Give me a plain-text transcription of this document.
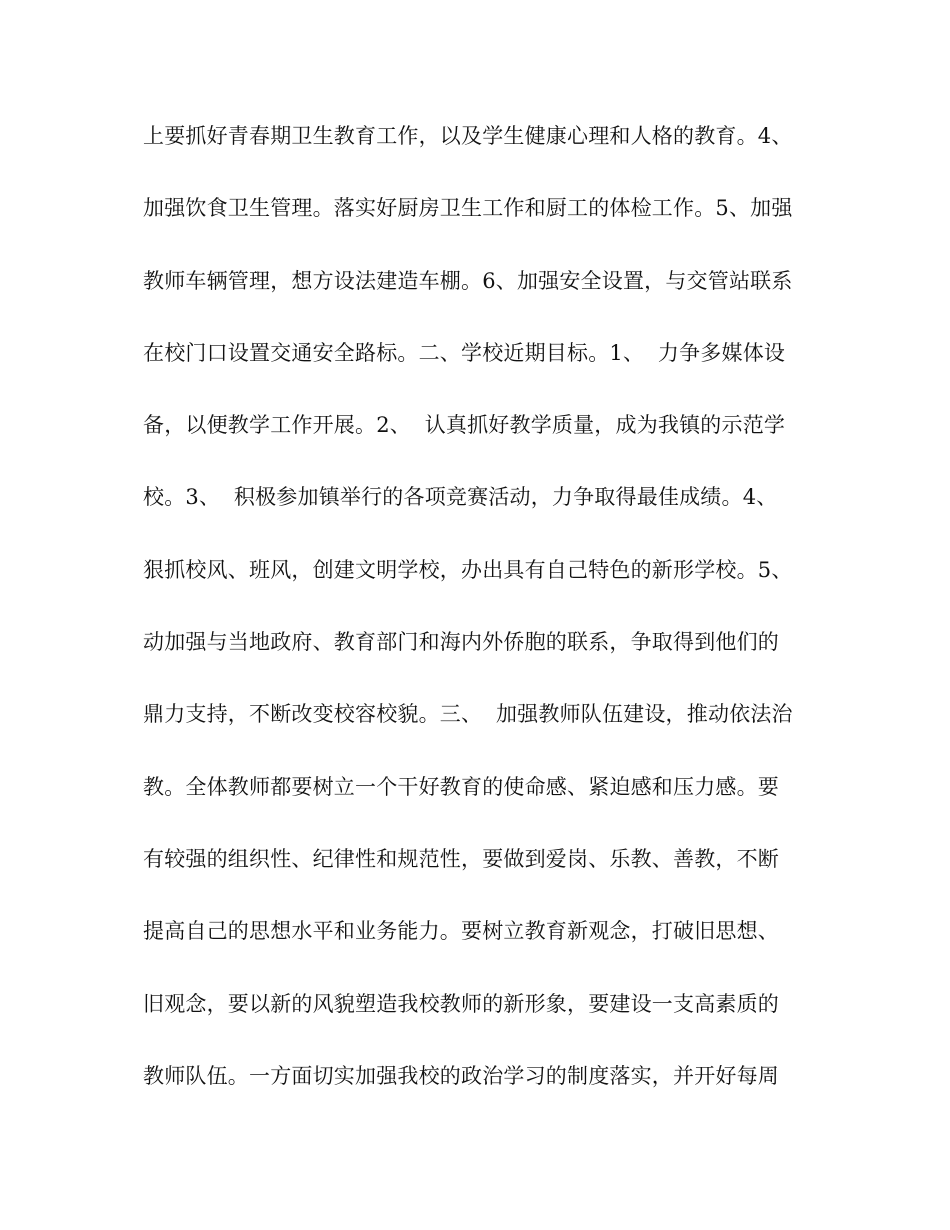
上要抓好青春期卫生教育工作，以及学生健康心理和人格的教育。4、
加强饮食卫生管理。落实好厨房卫生工作和厨工的体检工作。5、加强
教师车辆管理，想方设法建造车棚。6、加强安全设置，与交管站联系
在校门口设置交通安全路标。二、学校近期目标。1、  力争多媒体设
备，以便教学工作开展。2、  认真抓好教学质量，成为我镇的示范学
校。3、  积极参加镇举行的各项竞赛活动，力争取得最佳成绩。4、
狠抓校风、班风，创建文明学校，办出具有自己特色的新形学校。5、
动加强与当地政府、教育部门和海内外侨胞的联系，争取得到他们的
鼎力支持，不断改变校容校貌。三、  加强教师队伍建设，推动依法治
教。全体教师都要树立一个干好教育的使命感、紧迫感和压力感。要
有较强的组织性、纪律性和规范性，要做到爱岗、乐教、善教，不断
提高自己的思想水平和业务能力。要树立教育新观念，打破旧思想、
旧观念，要以新的风貌塑造我校教师的新形象，要建设一支高素质的
教师队伍。一方面切实加强我校的政治学习的制度落实，并开好每周
